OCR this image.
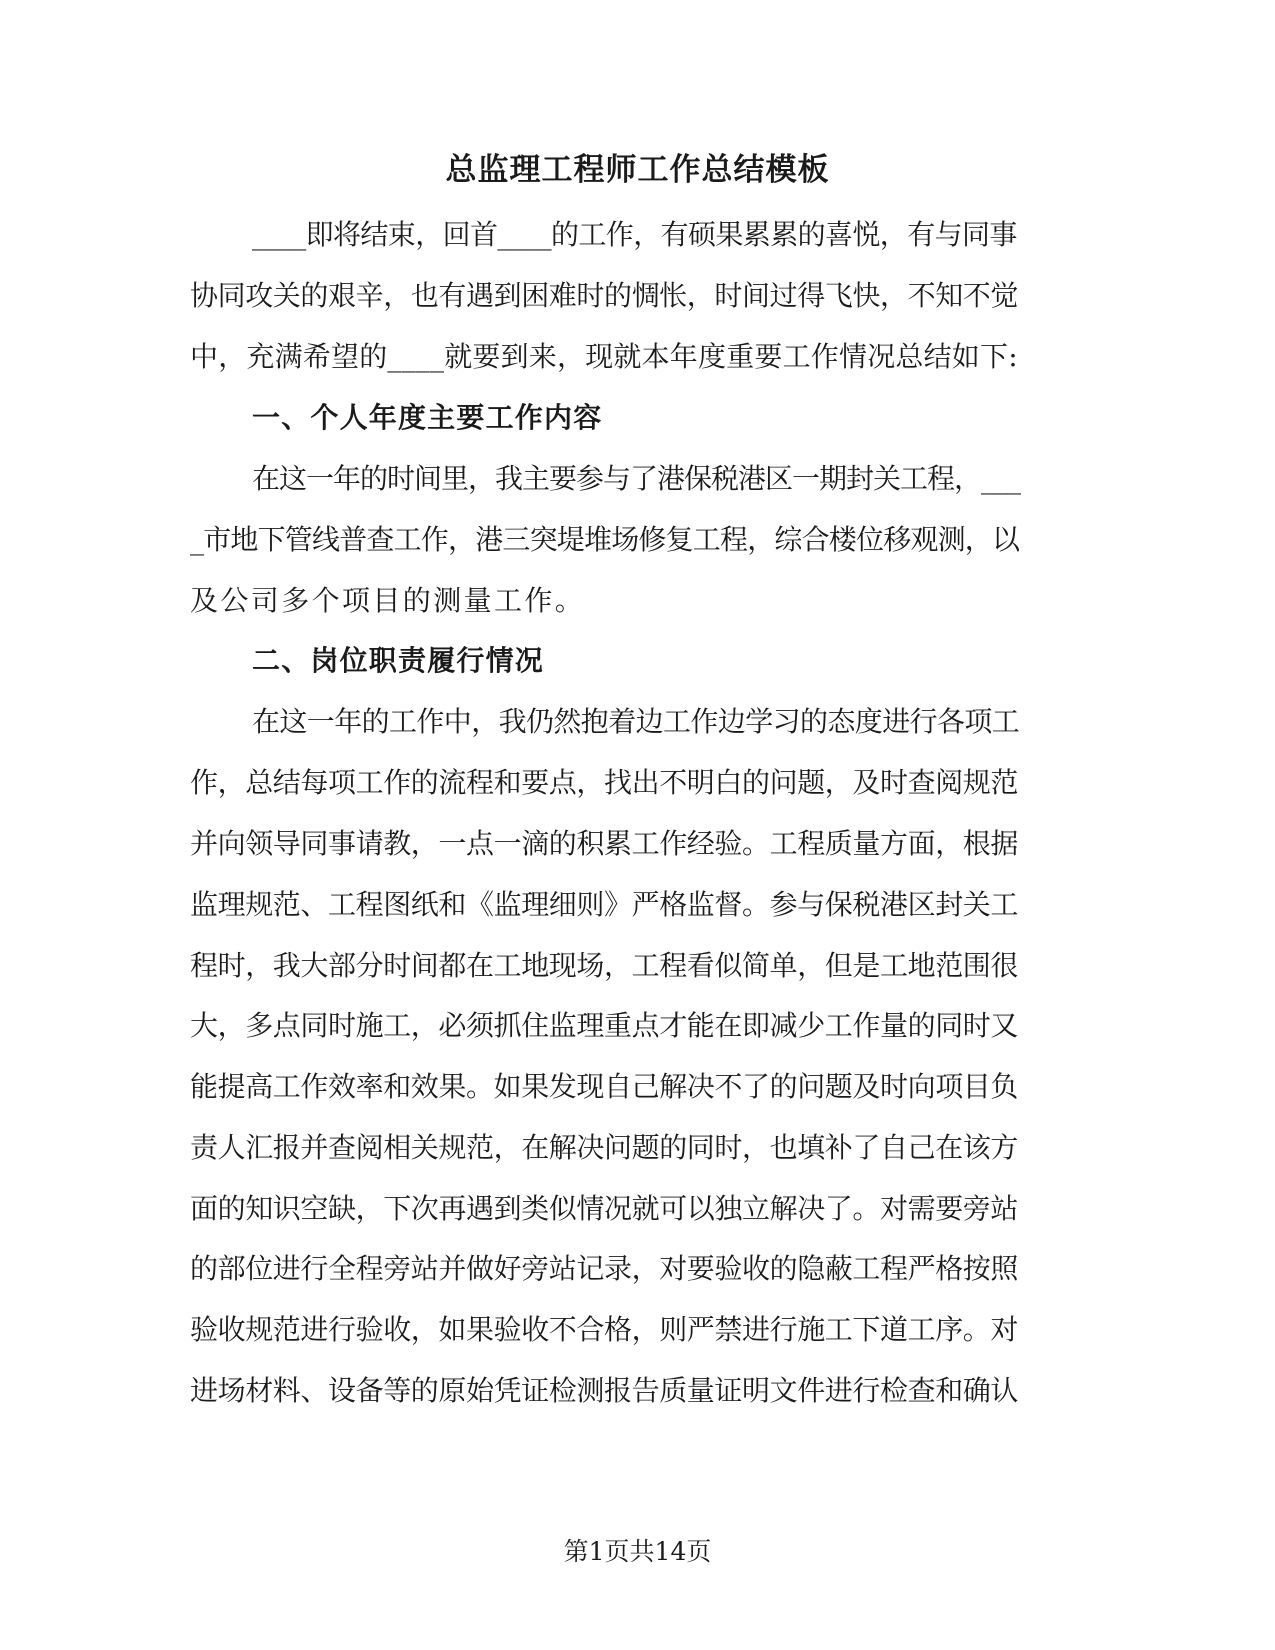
总监理工程师工作总结模板
____即将结束，回首____的工作，有硕果累累的喜悦，有与同事
协同攻关的艰辛，也有遇到困难时的惆怅，时间过得飞快，不知不觉
中，充满希望的____就要到来，现就本年度重要工作情况总结如下:
一、个人年度主要工作内容
在这一年的时间里，我主要参与了港保税港区一期封关工程，___
_市地下管线普查工作，港三突堤堆场修复工程，综合楼位移观测，以
及公司多个项目的测量工作。
二、岗位职责履行情况
在这一年的工作中，我仍然抱着边工作边学习的态度进行各项工
作，总结每项工作的流程和要点，找出不明白的问题，及时查阅规范
并向领导同事请教，一点一滴的积累工作经验。工程质量方面，根据
监理规范、工程图纸和《监理细则》严格监督。参与保税港区封关工
程时，我大部分时间都在工地现场，工程看似简单，但是工地范围很
大，多点同时施工，必须抓住监理重点才能在即减少工作量的同时又
能提高工作效率和效果。如果发现自己解决不了的问题及时向项目负
责人汇报并查阅相关规范，在解决问题的同时，也填补了自己在该方
面的知识空缺，下次再遇到类似情况就可以独立解决了。对需要旁站
的部位进行全程旁站并做好旁站记录，对要验收的隐蔽工程严格按照
验收规范进行验收，如果验收不合格，则严禁进行施工下道工序。对
进场材料、设备等的原始凭证检测报告质量证明文件进行检查和确认
第1页共14页
